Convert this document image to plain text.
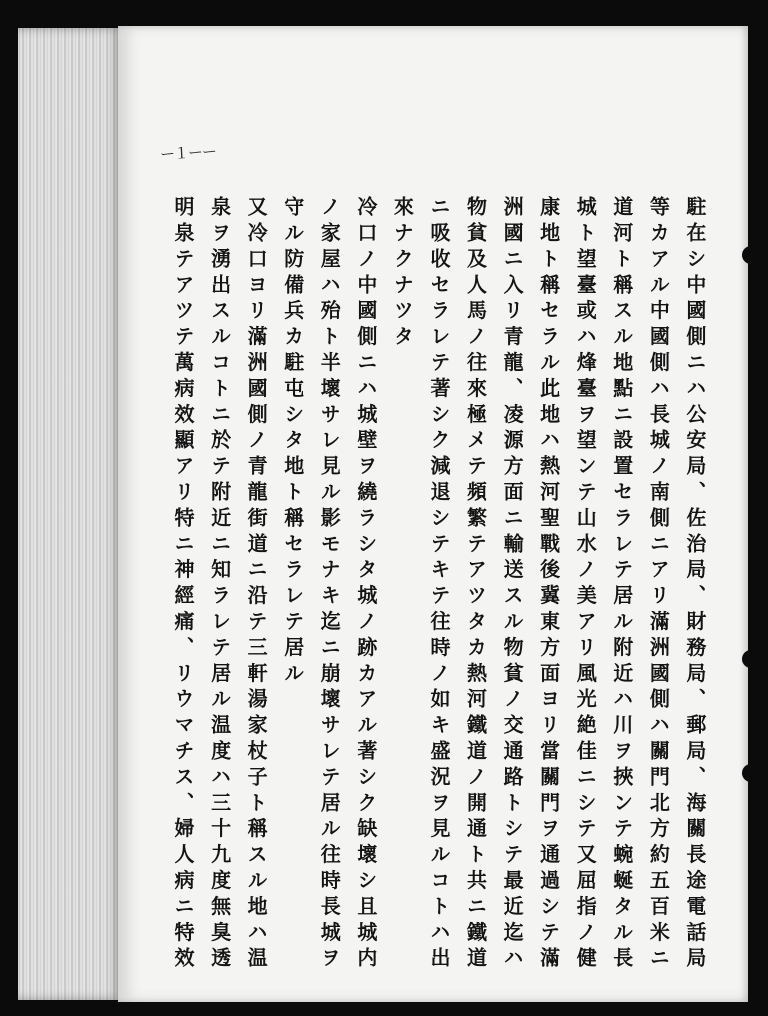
ー１ーー
駐在シ中國側ニハ公安局、佐治局、財務局、郵局、海關長途電話局
等カアル中國側ハ長城ノ南側ニアリ滿洲國側ハ關門北方約五百米ニ
道河ト稱スル地點ニ設置セラレテ居ル附近ハ川ヲ挾ンテ蜿蜒タル長
城ト望臺或ハ烽臺ヲ望ンテ山水ノ美アリ風光絶佳ニシテ又屈指ノ健
康地ト稱セラル此地ハ熱河聖戰後冀東方面ヨリ當關門ヲ通過シテ滿
洲國ニ入リ青龍、凌源方面ニ輸送スル物貧ノ交通路トシテ最近迄ハ
物貧及人馬ノ往來極メテ頻繁テアツタカ熱河鐵道ノ開通ト共ニ鐵道
ニ吸收セラレテ著シク減退シテキテ往時ノ如キ盛況ヲ見ルコトハ出
來ナクナツタ
冷口ノ中國側ニハ城壁ヲ繞ラシタ城ノ跡カアル著シク缺壞シ且城内
ノ家屋ハ殆ト半壞サレ見ル影モナキ迄ニ崩壞サレテ居ル往時長城ヲ
守ル防備兵カ駐屯シタ地ト稱セラレテ居ル
又冷口ヨリ滿洲國側ノ青龍街道ニ沿テ三軒湯家杖子ト稱スル地ハ温
泉ヲ湧出スルコトニ於テ附近ニ知ラレテ居ル温度ハ三十九度無臭透
明泉テアツテ萬病效顯アリ特ニ神經痛、リウマチス、婦人病ニ特效
